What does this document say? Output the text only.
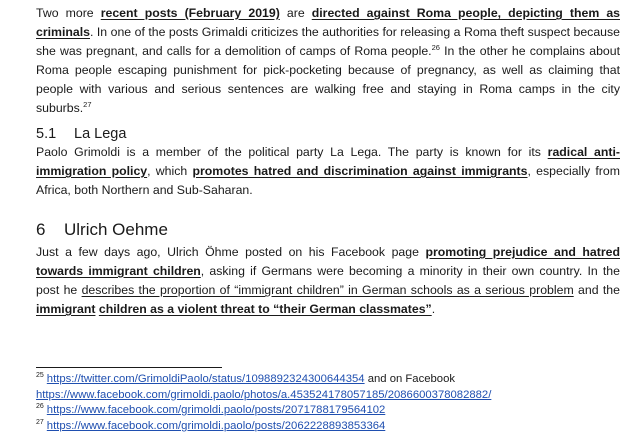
Two more recent posts (February 2019) are directed against Roma people, depicting them as criminals. In one of the posts Grimaldi criticizes the authorities for releasing a Roma theft suspect because she was pregnant, and calls for a demolition of camps of Roma people.$^{26}$ In the other he complains about Roma people escaping punishment for pick-pocketing because of pregnancy, as well as claiming that people with various and serious sentences are walking free and staying in Roma camps in the city suburbs.$^{27}$

5.1 La Lega

Paolo Grimoldi is a member of the political party La Lega. The party is known for its radical anti-immigration policy, which promotes hatred and discrimination against immigrants, especially from Africa, both Northern and Sub-Saharan.

6 Ulrich Oehme

Just a few days ago, Ulrich Öhme posted on his Facebook page promoting prejudice and hatred towards immigrant children, asking if Germans were becoming a minority in their own country. In the post he describes the proportion of “immigrant children” in German schools as a serious problem and the immigrant children as a violent threat to “their German classmates”.

$^{25}$ https://twitter.com/GrimoldiPaolo/status/1098892324300644354 and on Facebook

https://www.facebook.com/grimoldi.paolo/photos/a.453524178057185/2086600378082882/

$^{26}$ https://www.facebook.com/grimoldi.paolo/posts/2071788179564102

$^{27}$ https://www.facebook.com/grimoldi.paolo/posts/2062228893853364
